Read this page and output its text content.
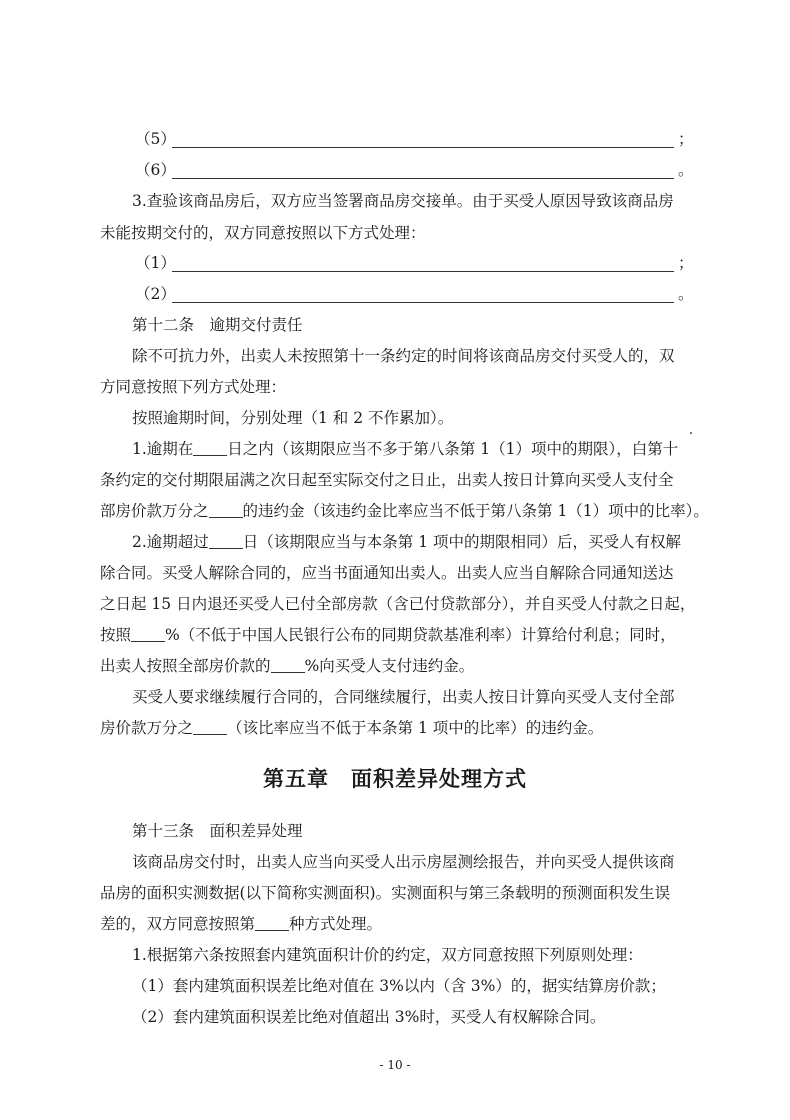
（5）	；
（6）	。
3.查验该商品房后，双方应当签署商品房交接单。由于买受人原因导致该商品房
未能按期交付的，双方同意按照以下方式处理：
（1）	；
（2）	。
第十二条　逾期交付责任
除不可抗力外，出卖人未按照第十一条约定的时间将该商品房交付买受人的，双
方同意按照下列方式处理：
按照逾期时间，分别处理（1 和 2 不作累加）。
1.逾期在 日之内（该期限应当不多于第八条第 1（1）项中的期限），白第十
条约定的交付期限届满之次日起至实际交付之日止，出卖人按日计算向买受人支付全
部房价款万分之 的违约金（该违约金比率应当不低于第八条第 1（1）项中的比率）。
2.逾期超过 日（该期限应当与本条第 1 项中的期限相同）后，买受人有权解
除合同。买受人解除合同的，应当书面通知出卖人。出卖人应当自解除合同通知送达
之日起 15 日内退还买受人已付全部房款（含已付贷款部分），并自买受人付款之日起，
按照 %（不低于中国人民银行公布的同期贷款基准利率）计算给付利息；同时，
出卖人按照全部房价款的 %向买受人支付违约金。
买受人要求继续履行合同的，合同继续履行，出卖人按日计算向买受人支付全部
房价款万分之 （该比率应当不低于本条第 1 项中的比率）的违约金。
第五章　面积差异处理方式
第十三条　面积差异处理
该商品房交付时，出卖人应当向买受人出示房屋测绘报告，并向买受人提供该商
品房的面积实测数据(以下简称实测面积)。实测面积与第三条载明的预测面积发生误
差的，双方同意按照第 种方式处理。
1.根据第六条按照套内建筑面积计价的约定，双方同意按照下列原则处理：
（1）套内建筑面积误差比绝对值在 3%以内（含 3%）的，据实结算房价款；
（2）套内建筑面积误差比绝对值超出 3%时，买受人有权解除合同。
- 10 -
